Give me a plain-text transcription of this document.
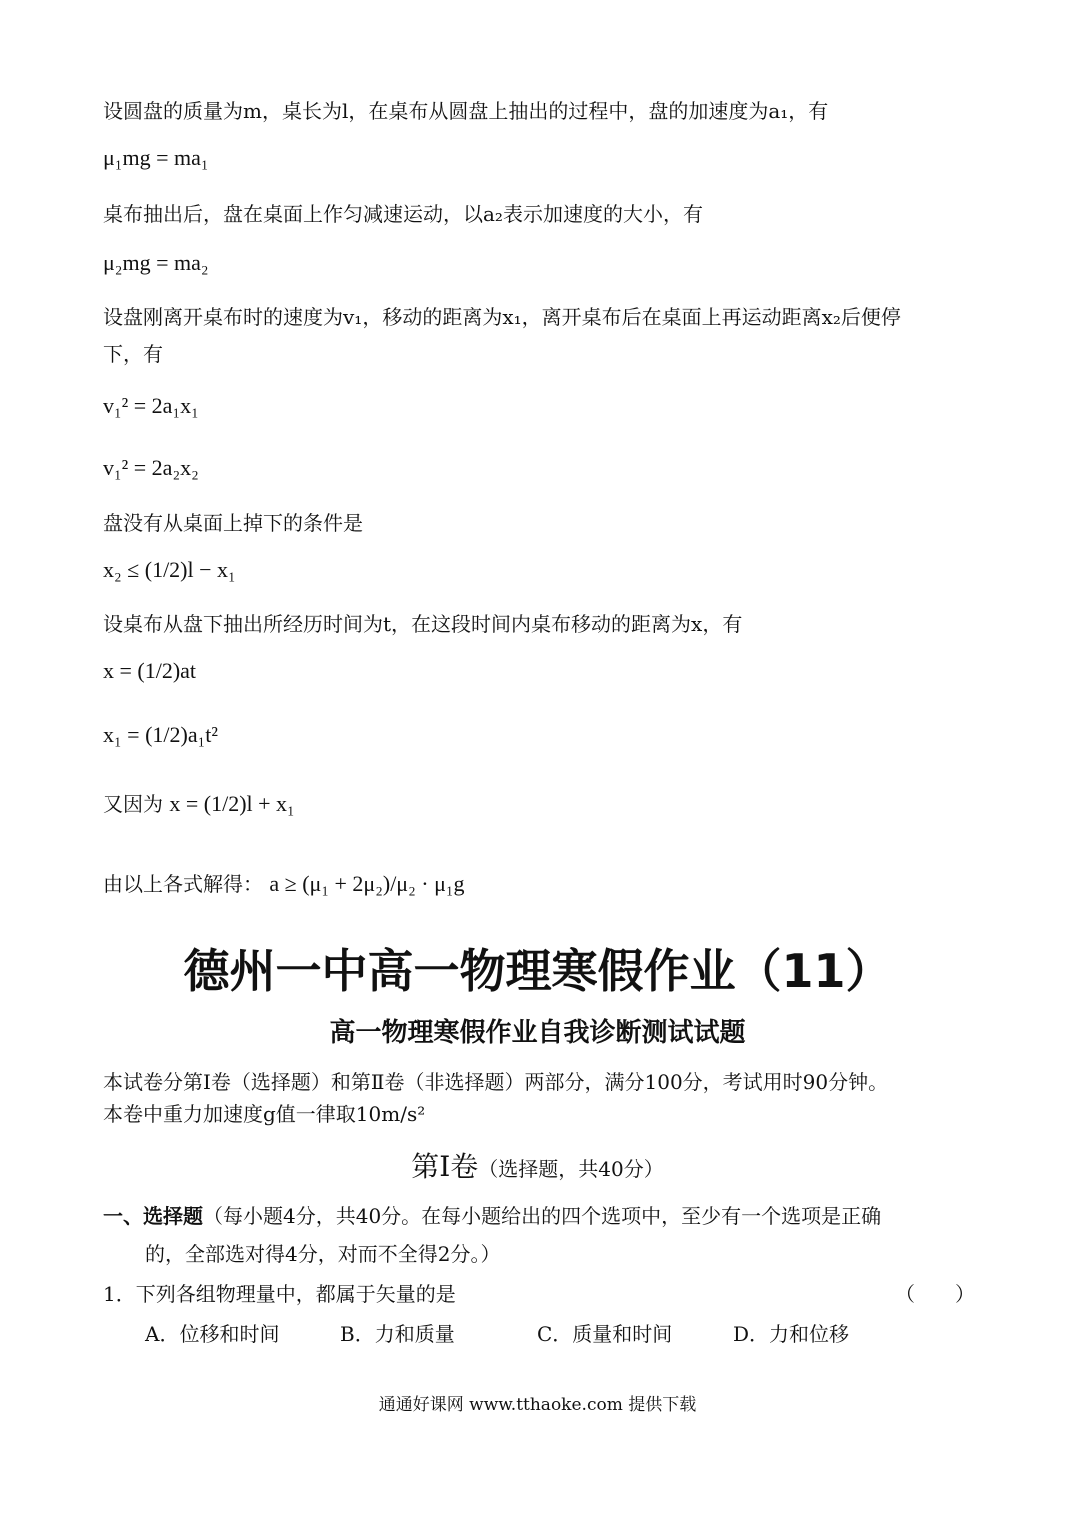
设圆盘的质量为m，桌长为l，在桌布从圆盘上抽出的过程中，盘的加速度为a₁，有
μ₁mg = ma₁
桌布抽出后，盘在桌面上作匀减速运动，以a₂表示加速度的大小，有
μ₂mg = ma₂
设盘刚离开桌布时的速度为v₁，移动的距离为x₁，离开桌布后在桌面上再运动距离x₂后便停
下，有
v₁² = 2a₁x₁
v₁² = 2a₂x₂
盘没有从桌面上掉下的条件是
x₂ ≤ (1/2)l − x₁
设桌布从盘下抽出所经历时间为t，在这段时间内桌布移动的距离为x，有
x = (1/2)at
x₁ = (1/2)a₁t²
又因为 x = (1/2)l + x₁
由以上各式解得： a ≥ (μ₁ + 2μ₂)/μ₂ · μ₁g
德州一中高一物理寒假作业（11）
高一物理寒假作业自我诊断测试试题
本试卷分第Ⅰ卷（选择题）和第Ⅱ卷（非选择题）两部分，满分100分，考试用时90分钟。
本卷中重力加速度g值一律取10m/s²
第Ⅰ卷（选择题，共40分）
一、选择题（每小题4分，共40分。在每小题给出的四个选项中，至少有一个选项是正确
的，全部选对得4分，对而不全得2分。）
1．下列各组物理量中，都属于矢量的是	（　　）
A．位移和时间	B．力和质量	C．质量和时间	D．力和位移
通通好课网 www.tthaoke.com 提供下载
